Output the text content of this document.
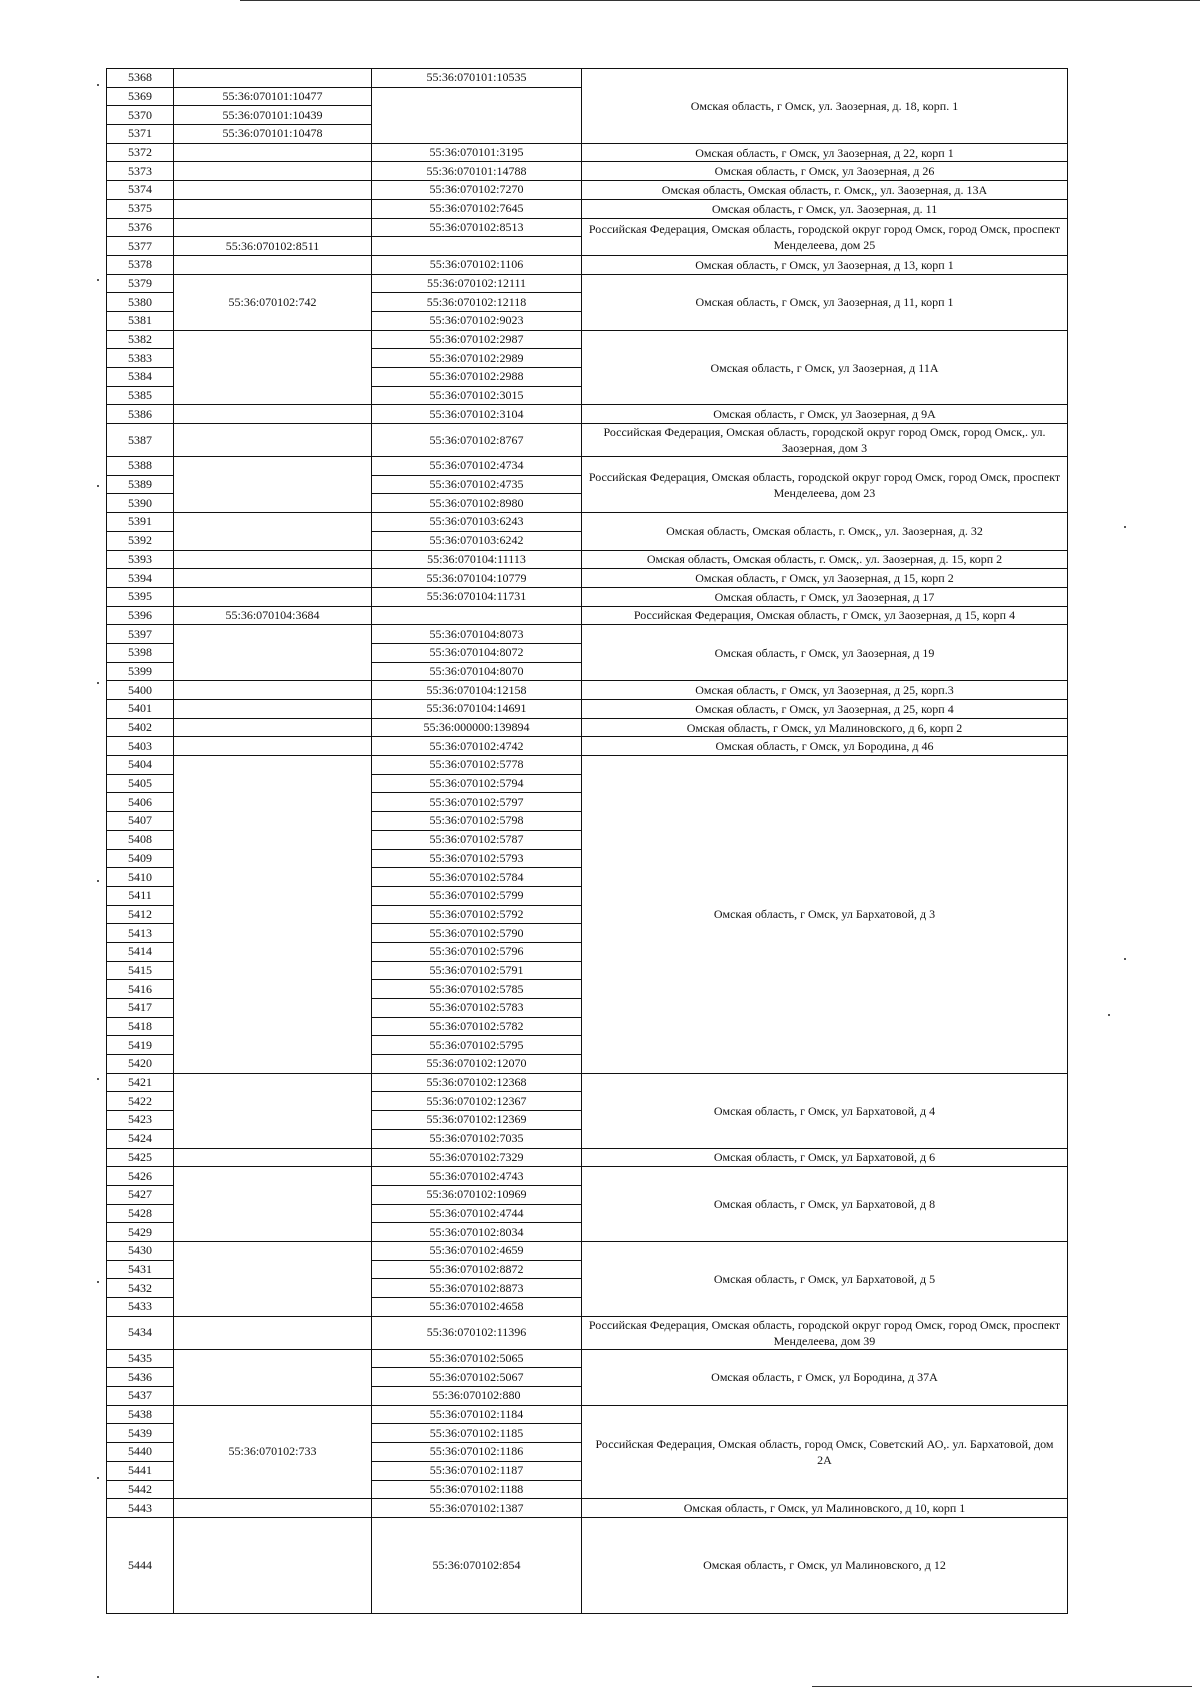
5368		55:36:070101:10535	Омская область, г Омск, ул. Заозерная, д. 18, корп. 1
5369	55:36:070101:10477		
5370	55:36:070101:10439		
5371	55:36:070101:10478		
5372		55:36:070101:3195	Омская область, г Омск, ул Заозерная, д 22, корп 1
5373		55:36:070101:14788	Омская область, г Омск, ул Заозерная, д 26
5374		55:36:070102:7270	Омская область, Омская область, г. Омск,, ул. Заозерная, д. 13А
5375		55:36:070102:7645	Омская область, г Омск, ул. Заозерная, д. 11
5376		55:36:070102:8513	Российская Федерация, Омская область, городской округ город Омск, город Омск, проспект Менделеева, дом 25
5377	55:36:070102:8511		
5378		55:36:070102:1106	Омская область, г Омск, ул Заозерная, д 13, корп 1
5379	55:36:070102:742	55:36:070102:12111	Омская область, г Омск, ул Заозерная, д 11, корп 1
5380		55:36:070102:12118	
5381		55:36:070102:9023	
5382		55:36:070102:2987	Омская область, г Омск, ул Заозерная, д 11А
5383		55:36:070102:2989	
5384		55:36:070102:2988	
5385		55:36:070102:3015	
5386		55:36:070102:3104	Омская область, г Омск, ул Заозерная, д 9А
5387		55:36:070102:8767	Российская Федерация, Омская область, городской округ город Омск, город Омск,. ул. Заозерная, дом 3
5388		55:36:070102:4734	Российская Федерация, Омская область, городской округ город Омск, город Омск, проспект Менделеева, дом 23
5389		55:36:070102:4735	
5390		55:36:070102:8980	
5391		55:36:070103:6243	Омская область, Омская область, г. Омск,, ул. Заозерная, д. 32
5392		55:36:070103:6242	
5393		55:36:070104:11113	Омская область, Омская область, г. Омск,. ул. Заозерная, д. 15, корп 2
5394		55:36:070104:10779	Омская область, г Омск, ул Заозерная, д 15, корп 2
5395		55:36:070104:11731	Омская область, г Омск, ул Заозерная, д 17
5396	55:36:070104:3684		Российская Федерация, Омская область, г Омск, ул Заозерная, д 15, корп 4
5397		55:36:070104:8073	Омская область, г Омск, ул Заозерная, д 19
5398		55:36:070104:8072	
5399		55:36:070104:8070	
5400		55:36:070104:12158	Омская область, г Омск, ул Заозерная, д 25, корп.3
5401		55:36:070104:14691	Омская область, г Омск, ул Заозерная, д 25, корп 4
5402		55:36:000000:139894	Омская область, г Омск, ул Малиновского, д 6, корп 2
5403		55:36:070102:4742	Омская область, г Омск, ул Бородина, д 46
5404		55:36:070102:5778	Омская область, г Омск, ул Бархатовой, д 3
5405		55:36:070102:5794	
5406		55:36:070102:5797	
5407		55:36:070102:5798	
5408		55:36:070102:5787	
5409		55:36:070102:5793	
5410		55:36:070102:5784	
5411		55:36:070102:5799	
5412		55:36:070102:5792	
5413		55:36:070102:5790	
5414		55:36:070102:5796	
5415		55:36:070102:5791	
5416		55:36:070102:5785	
5417		55:36:070102:5783	
5418		55:36:070102:5782	
5419		55:36:070102:5795	
5420		55:36:070102:12070	
5421		55:36:070102:12368	Омская область, г Омск, ул Бархатовой, д 4
5422		55:36:070102:12367	
5423		55:36:070102:12369	
5424		55:36:070102:7035	
5425		55:36:070102:7329	Омская область, г Омск, ул Бархатовой, д 6
5426		55:36:070102:4743	Омская область, г Омск, ул Бархатовой, д 8
5427		55:36:070102:10969	
5428		55:36:070102:4744	
5429		55:36:070102:8034	
5430		55:36:070102:4659	Омская область, г Омск, ул Бархатовой, д 5
5431		55:36:070102:8872	
5432		55:36:070102:8873	
5433		55:36:070102:4658	
5434		55:36:070102:11396	Российская Федерация, Омская область, городской округ город Омск, город Омск, проспект Менделеева, дом 39
5435		55:36:070102:5065	Омская область, г Омск, ул Бородина, д 37А
5436		55:36:070102:5067	
5437		55:36:070102:880	
5438	55:36:070102:733	55:36:070102:1184	Российская Федерация, Омская область, город Омск, Советский АО,. ул. Бархатовой, дом 2А
5439		55:36:070102:1185	
5440		55:36:070102:1186	
5441		55:36:070102:1187	
5442		55:36:070102:1188	
5443		55:36:070102:1387	Омская область, г Омск, ул Малиновского, д 10, корп 1
5444		55:36:070102:854	Омская область, г Омск, ул Малиновского, д 12
